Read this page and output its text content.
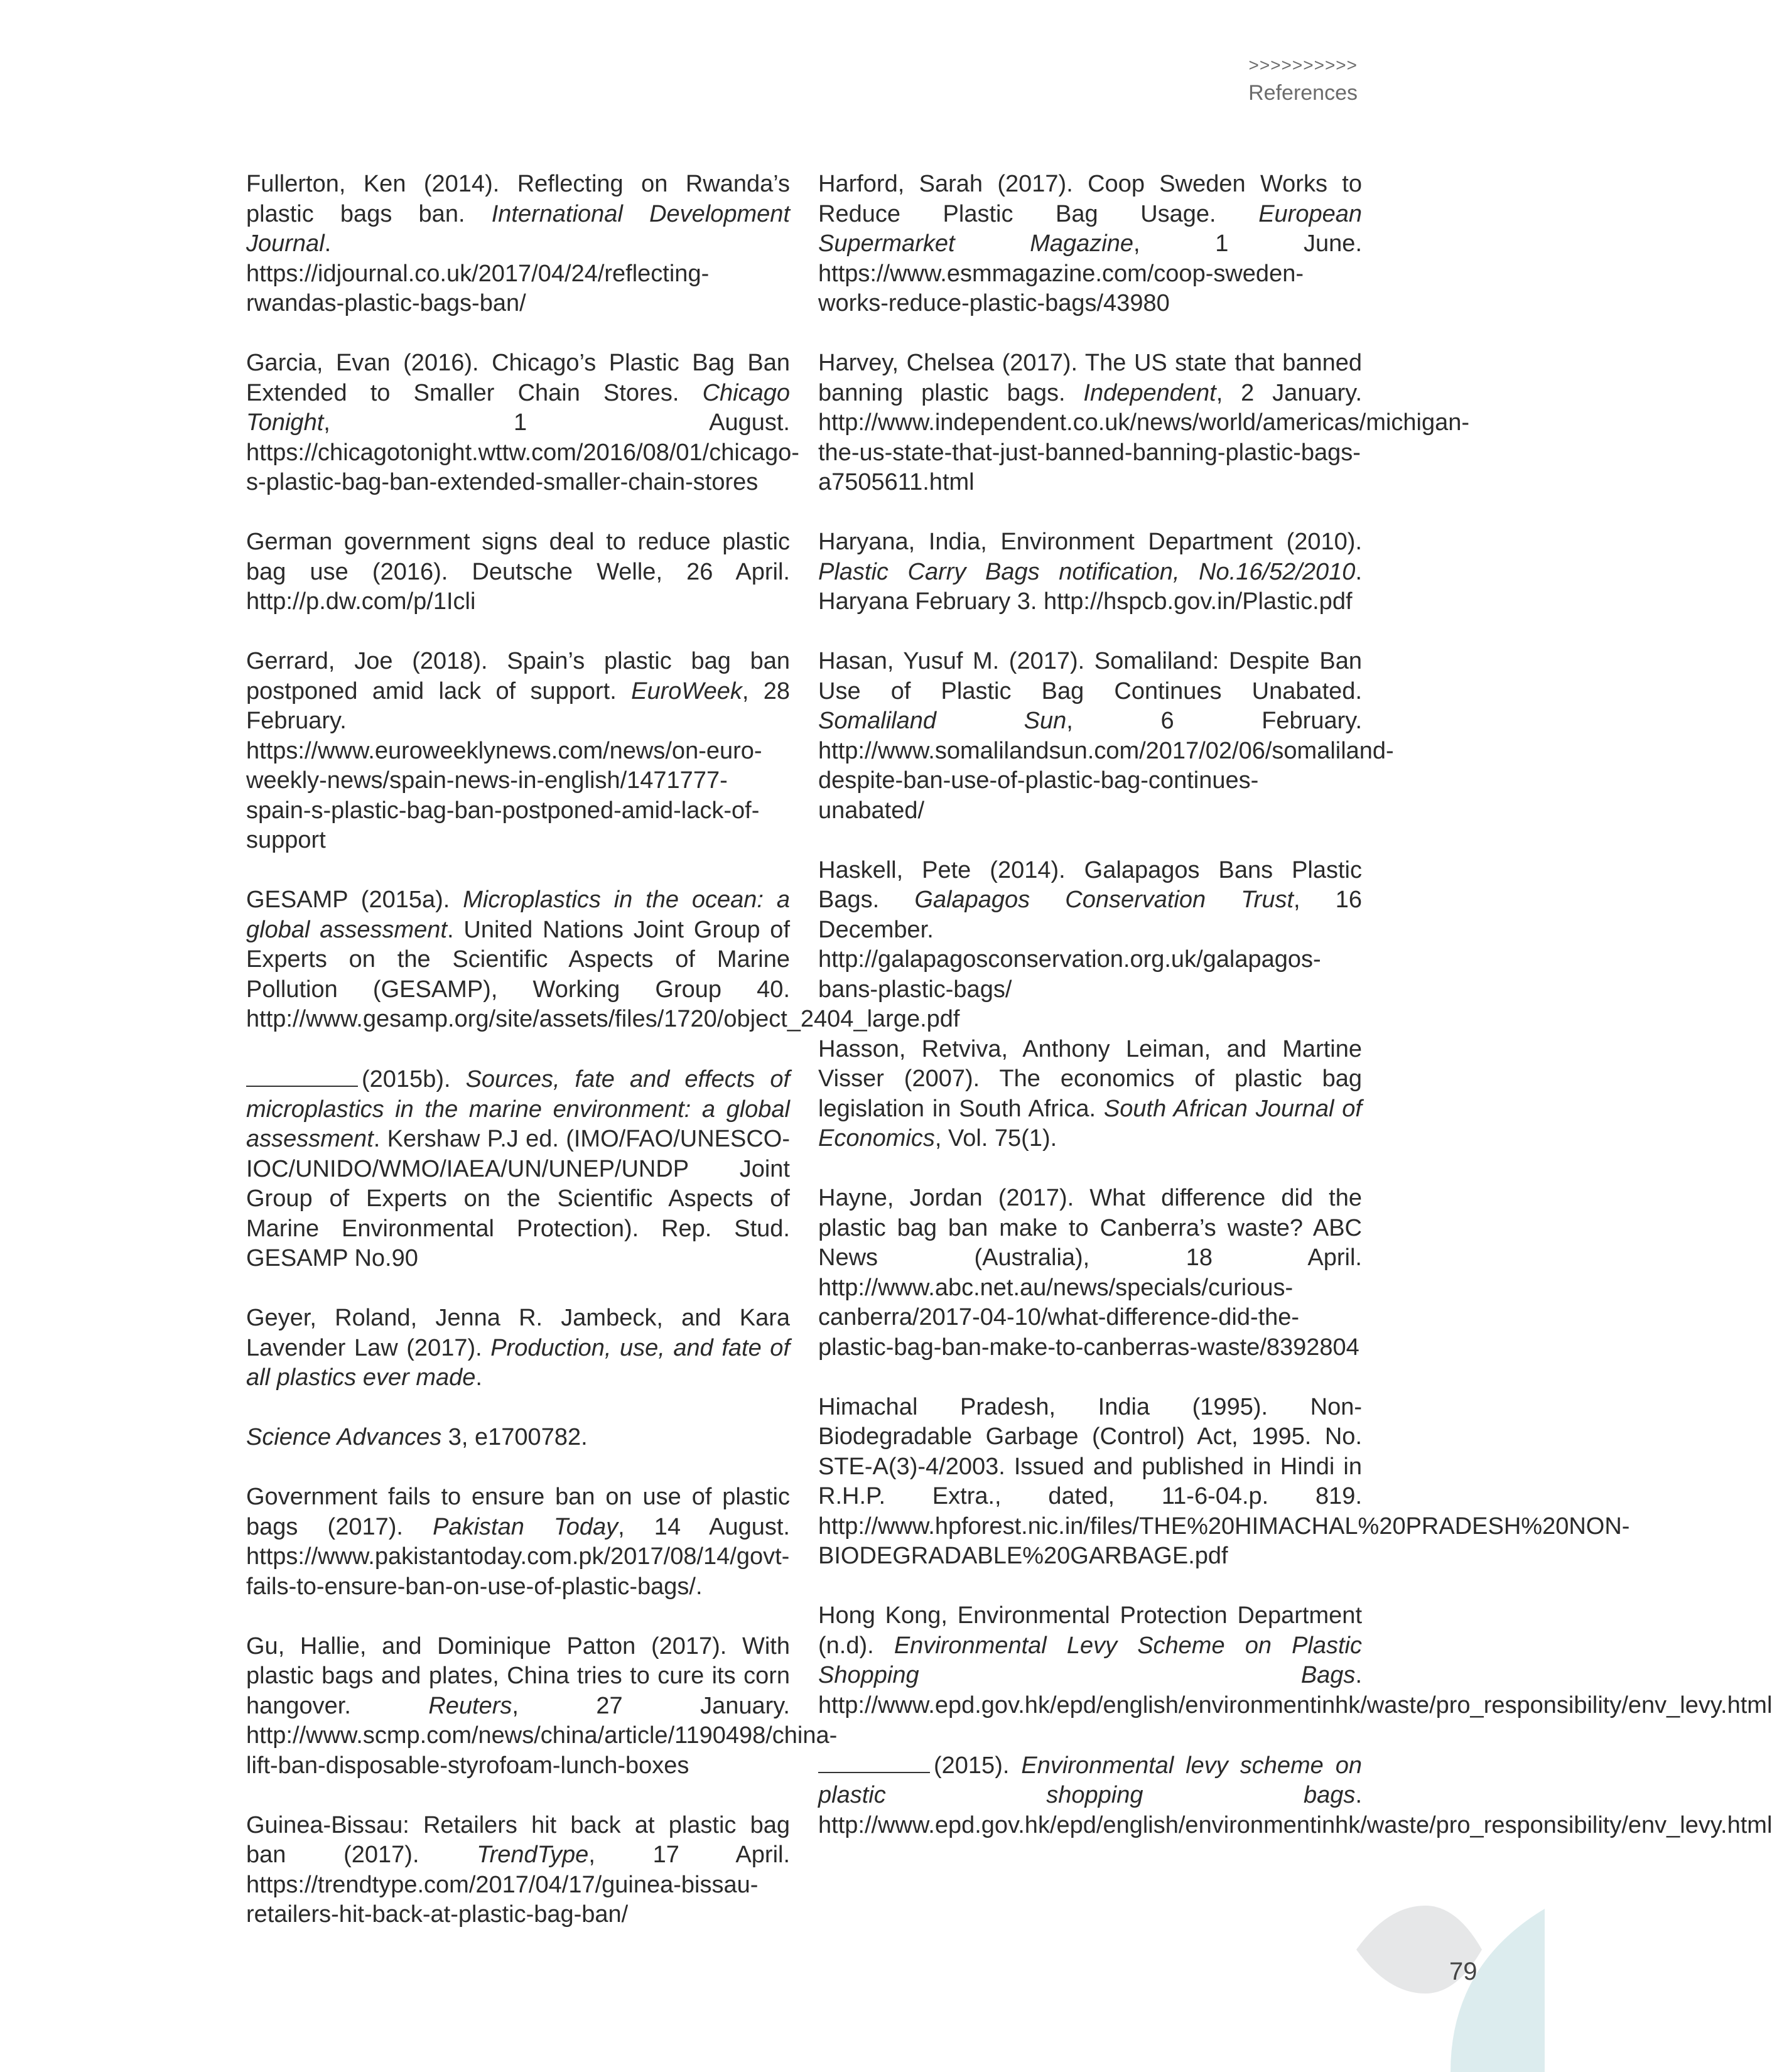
>>>>>>>>>>
References

Fullerton, Ken (2014). Reflecting on Rwanda’s plastic bags ban. International Development Journal. https://idjournal.co.uk/2017/04/24/reflecting-rwandas-plastic-bags-ban/

Garcia, Evan (2016). Chicago’s Plastic Bag Ban Extended to Smaller Chain Stores. Chicago Tonight, 1 August. https://chicagotonight.wttw.com/2016/08/01/chicago-s-plastic-bag-ban-extended-smaller-chain-stores

German government signs deal to reduce plastic bag use (2016). Deutsche Welle, 26 April. http://p.dw.com/p/1Icli

Gerrard, Joe (2018). Spain’s plastic bag ban postponed amid lack of support. EuroWeek, 28 February. https://www.euroweeklynews.com/news/on-euro-weekly-news/spain-news-in-english/1471777-spain-s-plastic-bag-ban-postponed-amid-lack-of-support

GESAMP (2015a). Microplastics in the ocean: a global assessment. United Nations Joint Group of Experts on the Scientific Aspects of Marine Pollution (GESAMP), Working Group 40. http://www.gesamp.org/site/assets/files/1720/object_2404_large.pdf

(2015b). Sources, fate and effects of microplastics in the marine environment: a global assessment. Kershaw P.J ed. (IMO/FAO/UNESCO-IOC/UNIDO/WMO/IAEA/UN/UNEP/UNDP Joint Group of Experts on the Scientific Aspects of Marine Environmental Protection). Rep. Stud. GESAMP No.90

Geyer, Roland, Jenna R. Jambeck, and Kara Lavender Law (2017). Production, use, and fate of all plastics ever made.

Science Advances 3, e1700782.

Government fails to ensure ban on use of plastic bags (2017). Pakistan Today, 14 August. https://www.pakistantoday.com.pk/2017/08/14/govt-fails-to-ensure-ban-on-use-of-plastic-bags/.

Gu, Hallie, and Dominique Patton (2017). With plastic bags and plates, China tries to cure its corn hangover. Reuters, 27 January. http://www.scmp.com/news/china/article/1190498/china-lift-ban-disposable-styrofoam-lunch-boxes

Guinea-Bissau: Retailers hit back at plastic bag ban (2017). TrendType, 17 April. https://trendtype.com/2017/04/17/guinea-bissau-retailers-hit-back-at-plastic-bag-ban/

Harford, Sarah (2017). Coop Sweden Works to Reduce Plastic Bag Usage. European Supermarket Magazine, 1 June. https://www.esmmagazine.com/coop-sweden-works-reduce-plastic-bags/43980

Harvey, Chelsea (2017). The US state that banned banning plastic bags. Independent, 2 January. http://www.independent.co.uk/news/world/americas/michigan-the-us-state-that-just-banned-banning-plastic-bags-a7505611.html

Haryana, India, Environment Department (2010). Plastic Carry Bags notification, No.16/52/2010. Haryana February 3. http://hspcb.gov.in/Plastic.pdf

Hasan, Yusuf M. (2017). Somaliland: Despite Ban Use of Plastic Bag Continues Unabated. Somaliland Sun, 6 February. http://www.somalilandsun.com/2017/02/06/somaliland-despite-ban-use-of-plastic-bag-continues-unabated/

Haskell, Pete (2014). Galapagos Bans Plastic Bags. Galapagos Conservation Trust, 16 December. http://galapagosconservation.org.uk/galapagos-bans-plastic-bags/

Hasson, Retviva, Anthony Leiman, and Martine Visser (2007). The economics of plastic bag legislation in South Africa. South African Journal of Economics, Vol. 75(1).

Hayne, Jordan (2017). What difference did the plastic bag ban make to Canberra’s waste? ABC News (Australia), 18 April. http://www.abc.net.au/news/specials/curious-canberra/2017-04-10/what-difference-did-the-plastic-bag-ban-make-to-canberras-waste/8392804

Himachal Pradesh, India (1995). Non-Biodegradable Garbage (Control) Act, 1995. No. STE-A(3)-4/2003. Issued and published in Hindi in R.H.P. Extra., dated, 11-6-04.p. 819. http://www.hpforest.nic.in/files/THE%20HIMACHAL%20PRADESH%20NON-BIODEGRADABLE%20GARBAGE.pdf

Hong Kong, Environmental Protection Department (n.d). Environmental Levy Scheme on Plastic Shopping Bags. http://www.epd.gov.hk/epd/english/environmentinhk/waste/pro_responsibility/env_levy.html

(2015). Environmental levy scheme on plastic shopping bags. http://www.epd.gov.hk/epd/english/environmentinhk/waste/pro_responsibility/env_levy.html

79
